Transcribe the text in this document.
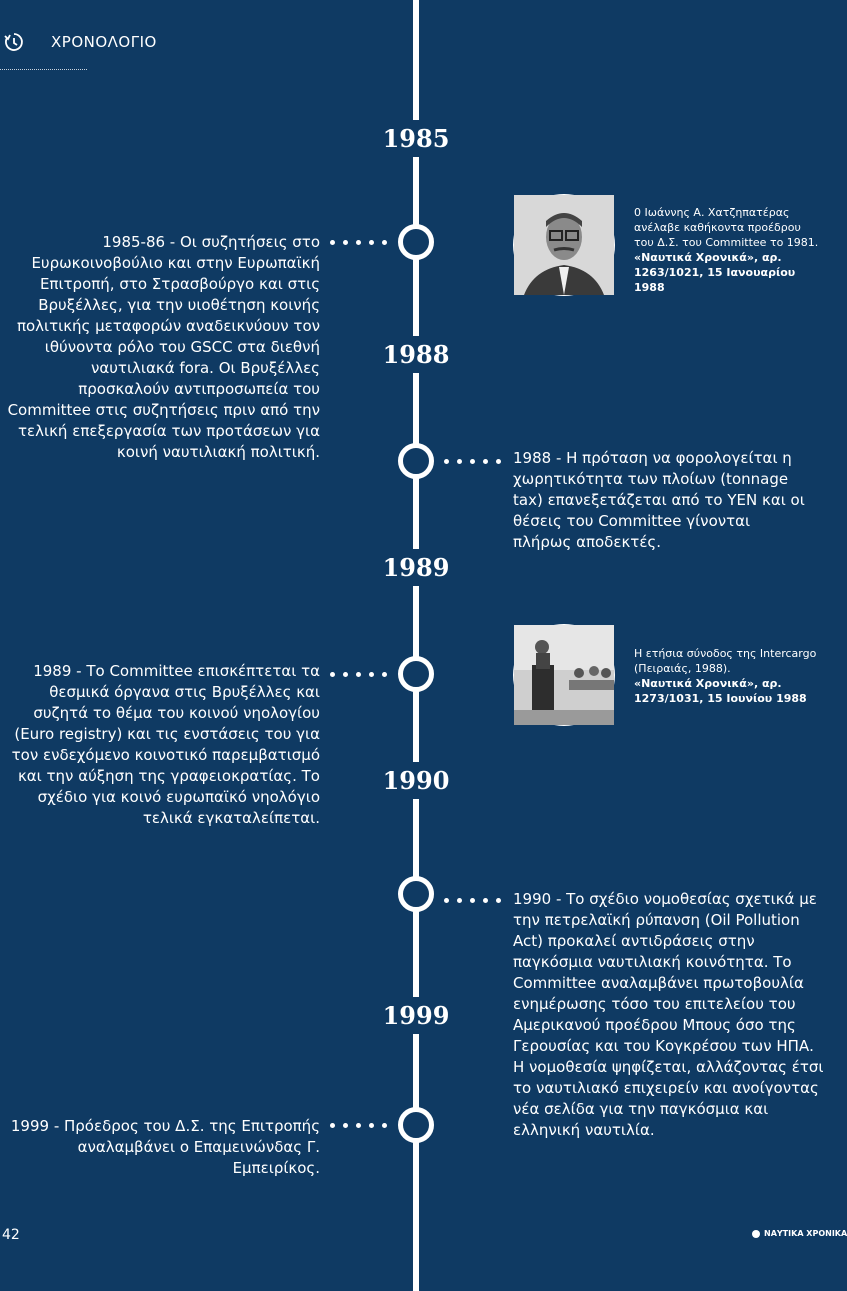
ΧΡΟΝΟΛΟΓΙΟ
1985
1988
1989
1990
1999
1985-86 - Οι συζητήσεις στο Ευρωκοινοβούλιο και στην Ευρωπαϊκή Επιτροπή, στο Στρασβούργο και στις Βρυξέλλες, για την υιοθέτηση κοινής πολιτικής μεταφορών αναδεικνύουν τον ιθύνοντα ρόλο του GSCC στα διεθνή ναυτιλιακά fora. Οι Βρυξέλλες προσκαλούν αντιπροσωπεία του Committee στις συζητήσεις πριν από την τελική επεξεργασία των προτάσεων για κοινή ναυτιλιακή πολιτική.	1988 - Η πρόταση να φορολογείται η χωρητικότητα των πλοίων (tonnage tax) επανεξετάζεται από το ΥΕΝ και οι θέσεις του Committee γίνονται πλήρως αποδεκτές.
1989 - Το Committee επισκέπτεται τα θεσμικά όργανα στις Βρυξέλλες και συζητά το θέμα του κοινού νηολογίου (Euro registry) και τις ενστάσεις του για τον ενδεχόμενο κοινοτικό παρεμβατισμό και την αύξηση της γραφειοκρατίας. Το σχέδιο για κοινό ευρωπαϊκό νηολόγιο τελικά εγκαταλείπεται.
1990 - Το σχέδιο νομοθεσίας σχετικά με την πετρελαϊκή ρύπανση (Oil Pollution Act) προκαλεί αντιδράσεις στην παγκόσμια ναυτιλιακή κοινότητα. Το Committee αναλαμβάνει πρωτοβουλία ενημέρωσης τόσο του επιτελείου του Αμερικανού προέδρου Μπους όσο της Γερουσίας και του Κογκρέσου των ΗΠΑ. Η νομοθεσία ψηφίζεται, αλλάζοντας έτσι το ναυτιλιακό επιχειρείν και ανοίγοντας νέα σελίδα για την παγκόσμια και ελληνική ναυτιλία.
1999 - Πρόεδρος του Δ.Σ. της Επιτροπής αναλαμβάνει ο Επαμεινώνδας Γ. Εμπειρίκος.
0 Ιωάννης Α. Χατζηπατέρας ανέλαβε καθήκοντα προέδρου του Δ.Σ. του Committee το 1981.
«Ναυτικά Χρονικά», αρ. 1263/1021, 15 Ιανουαρίου 1988
Η ετήσια σύνοδος της Intercargo (Πειραιάς, 1988).
«Ναυτικά Χρονικά», αρ. 1273/1031, 15 Ιουνίου 1988
42	ΝΑΥΤΙΚΑ ΧΡΟΝΙΚΑ
